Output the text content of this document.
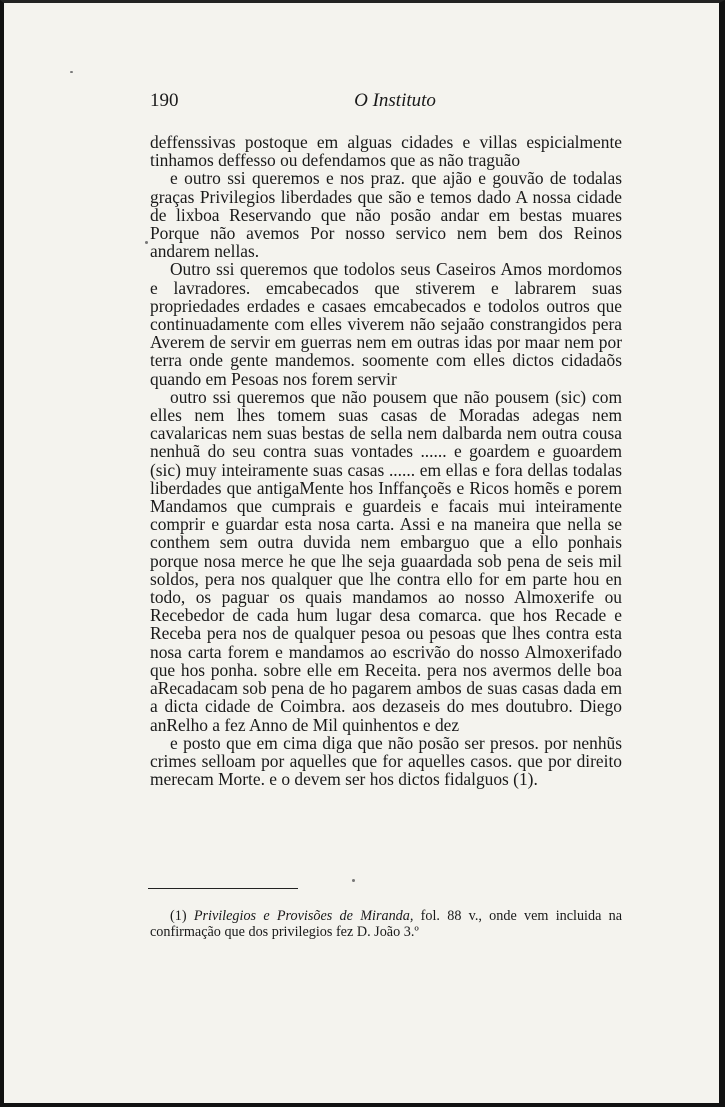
190	O Instituto

deffenssivas postoque em alguas cidades e villas espicialmente tinhamos deffesso ou defendamos que as não traguão

e outro ssi queremos e nos praz. que ajão e gouvão de todalas graças Privilegios liberdades que são e temos dado A nossa cidade de lixboa Reservando que não posão andar em bestas muares Porque não avemos Por nosso servico nem bem dos Reinos andarem nellas.

Outro ssi queremos que todolos seus Caseiros Amos mordomos e lavradores. emcabecados que stiverem e labrarem suas propriedades erdades e casaes emcabecados e todolos outros que continuadamente com elles viverem não sejaão constrangidos pera Averem de servir em guerras nem em outras idas por maar nem por terra onde gente mandemos. soomente com elles dictos cidadaõs quando em Pesoas nos forem servir

outro ssi queremos que não pousem que não pousem (sic) com elles nem lhes tomem suas casas de Moradas adegas nem cavalaricas nem suas bestas de sella nem dalbarda nem outra cousa nenhuã do seu contra suas vontades ...... e goardem e guoardem (sic) muy inteiramente suas casas ...... em ellas e fora dellas todalas liberdades que antigaMente hos Inffançoẽs e Ricos homẽs e porem Mandamos que cumprais e guardeis e facais mui inteiramente comprir e guardar esta nosa carta. Assi e na maneira que nella se conthem sem outra duvida nem embarguo que a ello ponhais porque nosa merce he que lhe seja guaardada sob pena de seis mil soldos, pera nos qualquer que lhe contra ello for em parte hou en todo, os paguar os quais mandamos ao nosso Almoxerife ou Recebedor de cada hum lugar desa comarca. que hos Recade e Receba pera nos de qualquer pesoa ou pesoas que lhes contra esta nosa carta forem e mandamos ao escrivão do nosso Almoxerifado que hos ponha. sobre elle em Receita. pera nos avermos delle boa aRecadacam sob pena de ho pagarem ambos de suas casas dada em a dicta cidade de Coimbra. aos dezaseis do mes doutubro. Diego anRelho a fez Anno de Mil quinhentos e dez

e posto que em cima diga que não posão ser presos. por nenhũs crimes selloam por aquelles que for aquelles casos. que por direito merecam Morte. e o devem ser hos dictos fidalguos (1).

(1) Privilegios e Provisões de Miranda, fol. 88 v., onde vem incluida na confirmação que dos privilegios fez D. João 3.º
